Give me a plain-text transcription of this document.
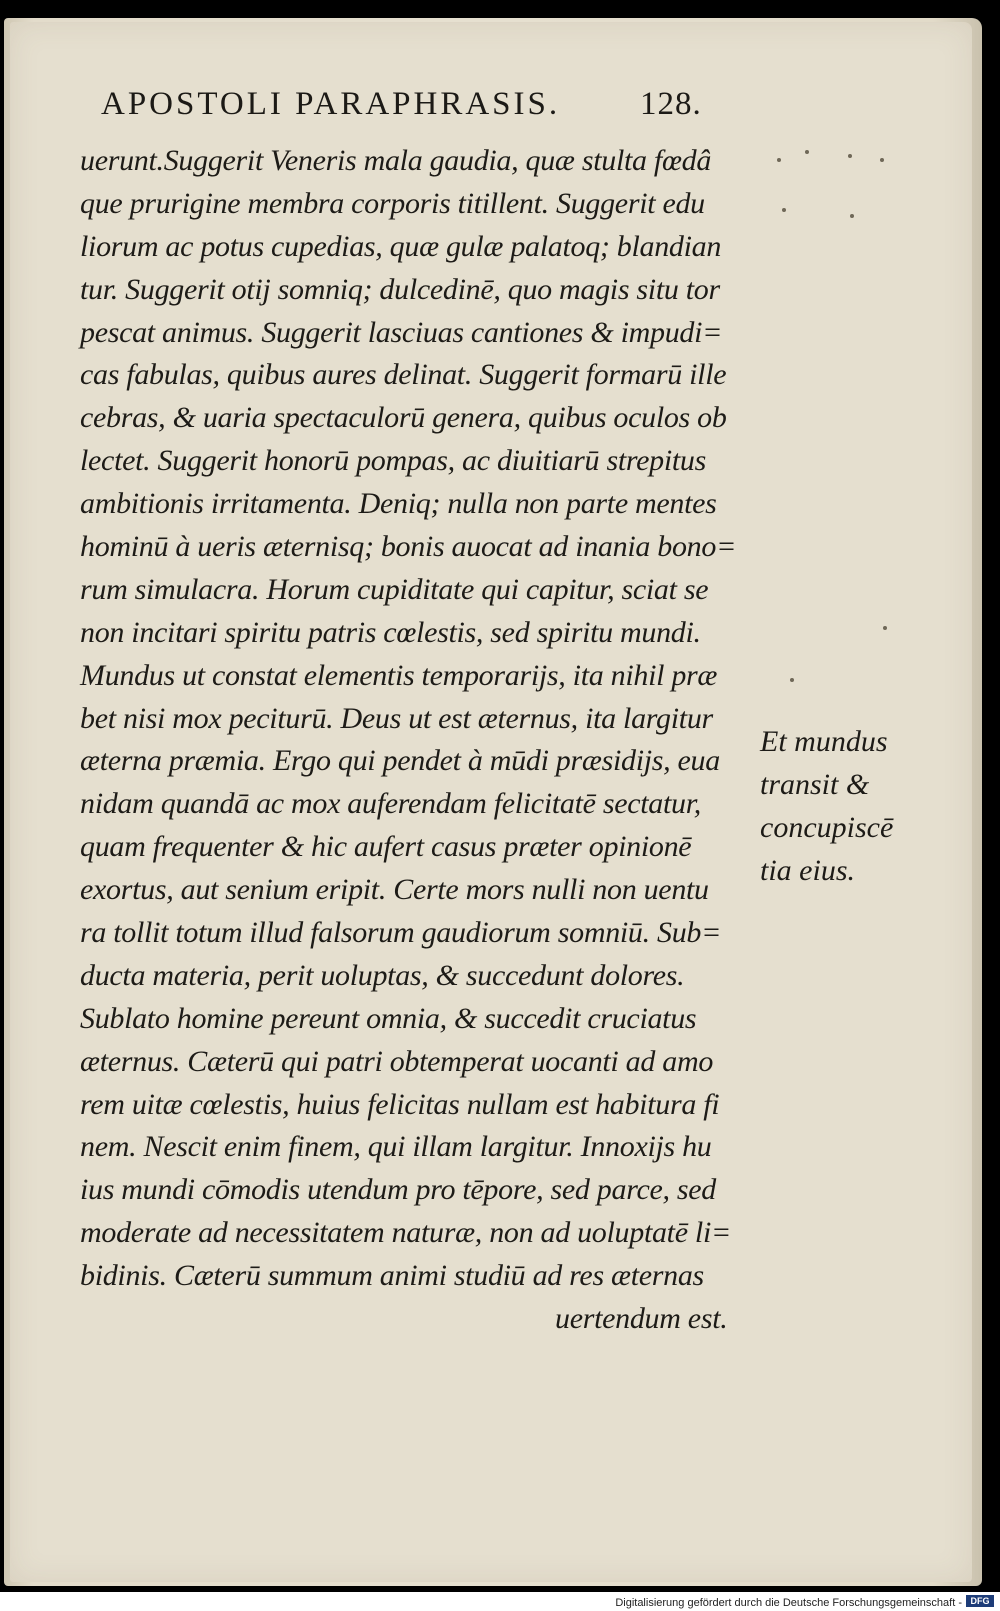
APOSTOLI PARAPHRASIS. 128.
uerunt.Suggerit Veneris mala gaudia, quæ stulta fœdâ
que prurigine membra corporis titillent. Suggerit edu
liorum ac potus cupedias, quæ gulæ palatoq; blandian
tur. Suggerit otij somniq; dulcedinē, quo magis situ tor
pescat animus. Suggerit lasciuas cantiones & impudi=
cas fabulas, quibus aures delinat. Suggerit formarū ille
cebras, & uaria spectaculorū genera, quibus oculos ob
lectet. Suggerit honorū pompas, ac diuitiarū strepitus
ambitionis irritamenta. Deniq; nulla non parte mentes
hominū à ueris æternisq; bonis auocat ad inania bono=
rum simulacra. Horum cupiditate qui capitur, sciat se
non incitari spiritu patris cœlestis, sed spiritu mundi.
Mundus ut constat elementis temporarijs, ita nihil præ
bet nisi mox peciturū. Deus ut est æternus, ita largitur
æterna præmia. Ergo qui pendet à mūdi præsidijs, eua
nidam quandā ac mox auferendam felicitatē sectatur,
quam frequenter & hic aufert casus præter opinionē
exortus, aut senium eripit. Certe mors nulli non uentu
ra tollit totum illud falsorum gaudiorum somniū. Sub=
ducta materia, perit uoluptas, & succedunt dolores.
Sublato homine pereunt omnia, & succedit cruciatus
æternus. Cæterū qui patri obtemperat uocanti ad amo
rem uitæ cœlestis, huius felicitas nullam est habitura fi
nem. Nescit enim finem, qui illam largitur. Innoxijs hu
ius mundi cōmodis utendum pro tēpore, sed parce, sed
moderate ad necessitatem naturæ, non ad uoluptatē li=
bidinis. Cæterū summum animi studiū ad res æternas
uertendum est.
Et mundus
transit &
concupiscē
tia eius.
Digitalisierung gefördert durch die Deutsche Forschungsgemeinschaft - DFG
